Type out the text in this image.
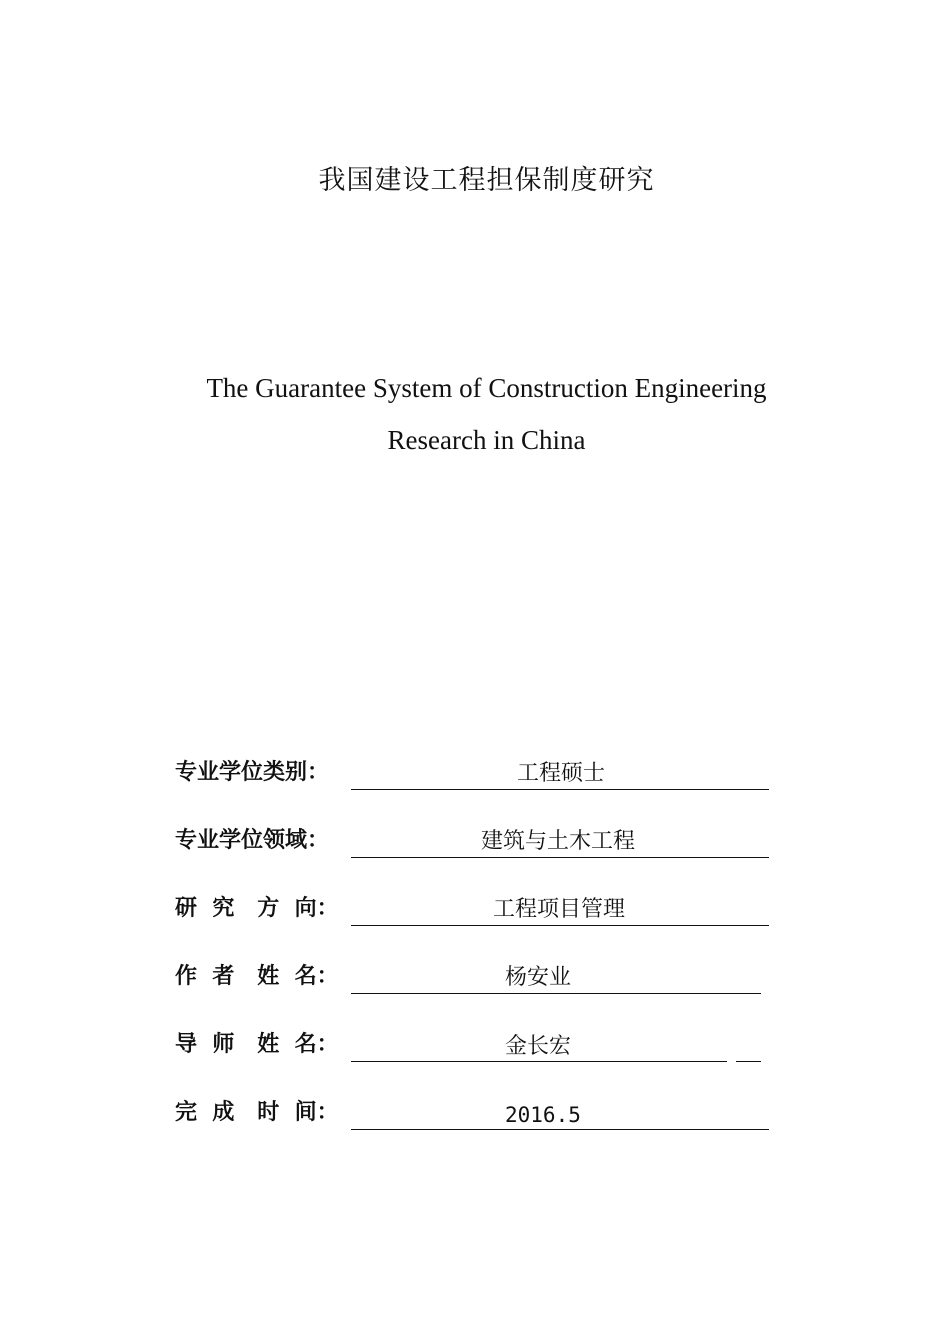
我国建设工程担保制度研究
The Guarantee System of Construction Engineering
Research in China
专业学位类别：	工程硕士
专业学位领域：	建筑与土木工程
研  究   方  向：	工程项目管理
作  者   姓  名：	杨安业
导  师   姓  名：	金长宏
完  成   时  间：	2016.5
